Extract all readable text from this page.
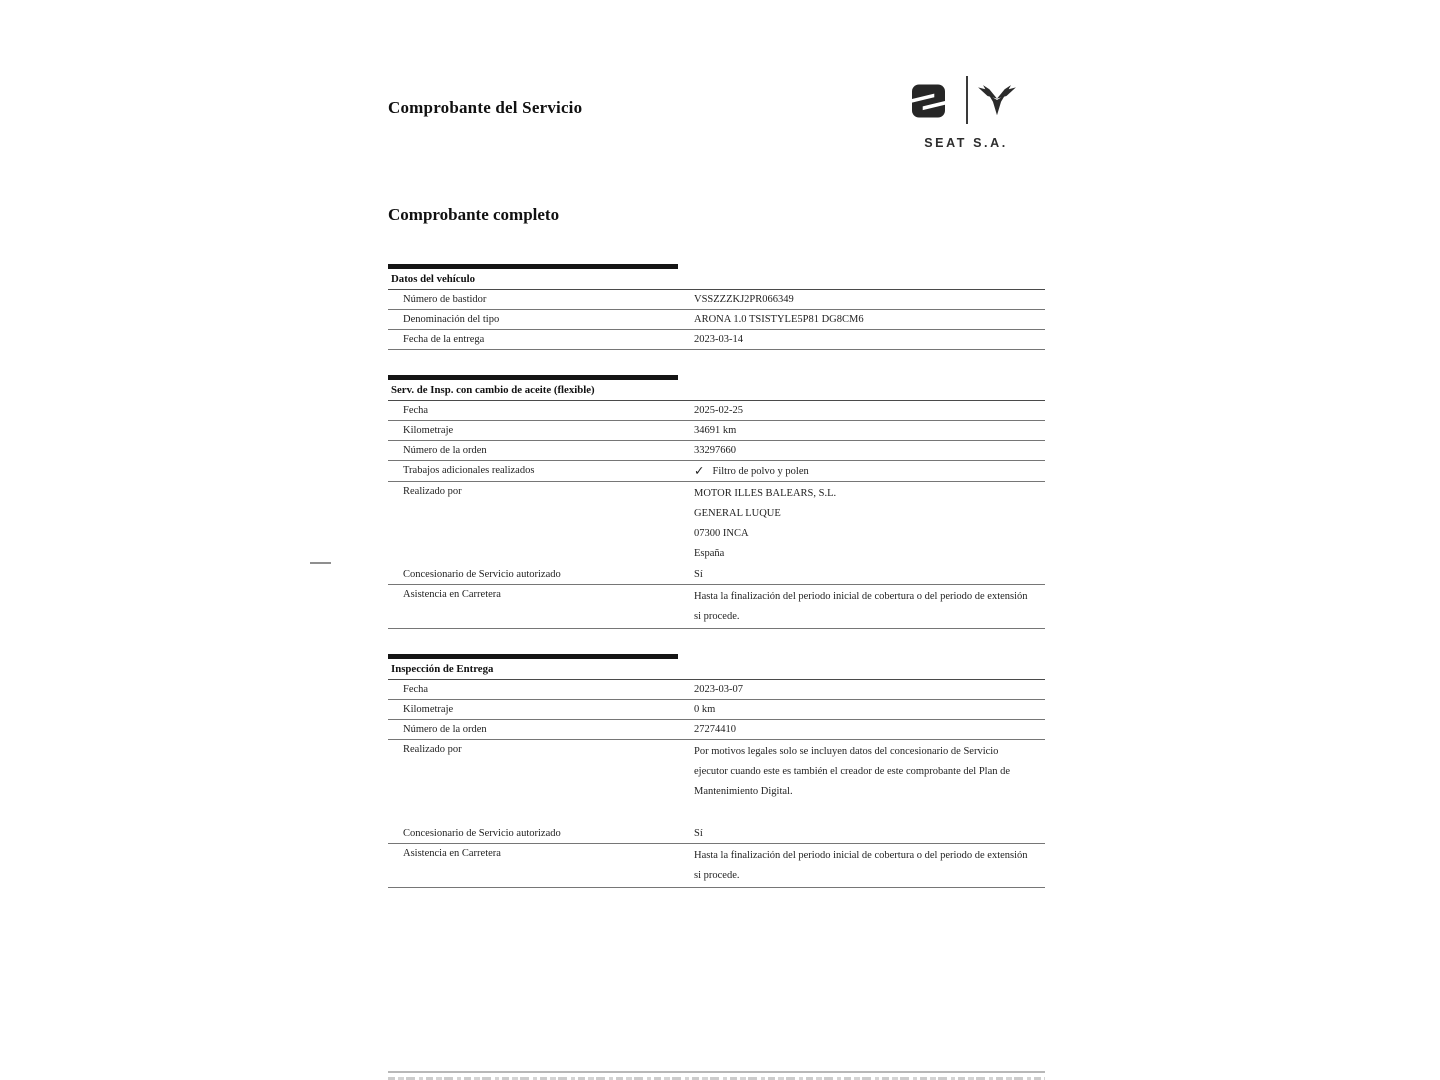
Comprobante del Servicio
SEAT S.A.
Comprobante completo
Datos del vehículo
Número de bastidor	VSSZZZKJ2PR066349
Denominación del tipo	ARONA 1.0 TSISTYLE5P81 DG8CM6
Fecha de la entrega	2023-03-14
Serv. de Insp. con cambio de aceite (flexible)
Fecha	2025-02-25
Kilometraje	34691 km
Número de la orden	33297660
Trabajos adicionales realizados	✓ Filtro de polvo y polen
Realizado por	MOTOR ILLES BALEARS, S.L.
GENERAL LUQUE
07300 INCA
España
Concesionario de Servicio autorizado	Sí
Asistencia en Carretera	Hasta la finalización del periodo inicial de cobertura o del periodo de extensión
si procede.
Inspección de Entrega
Fecha	2023-03-07
Kilometraje	0 km
Número de la orden	27274410
Realizado por	Por motivos legales solo se incluyen datos del concesionario de Servicio
ejecutor cuando este es también el creador de este comprobante del Plan de
Mantenimiento Digital.
Concesionario de Servicio autorizado	Sí
Asistencia en Carretera	Hasta la finalización del periodo inicial de cobertura o del periodo de extensión
si procede.
